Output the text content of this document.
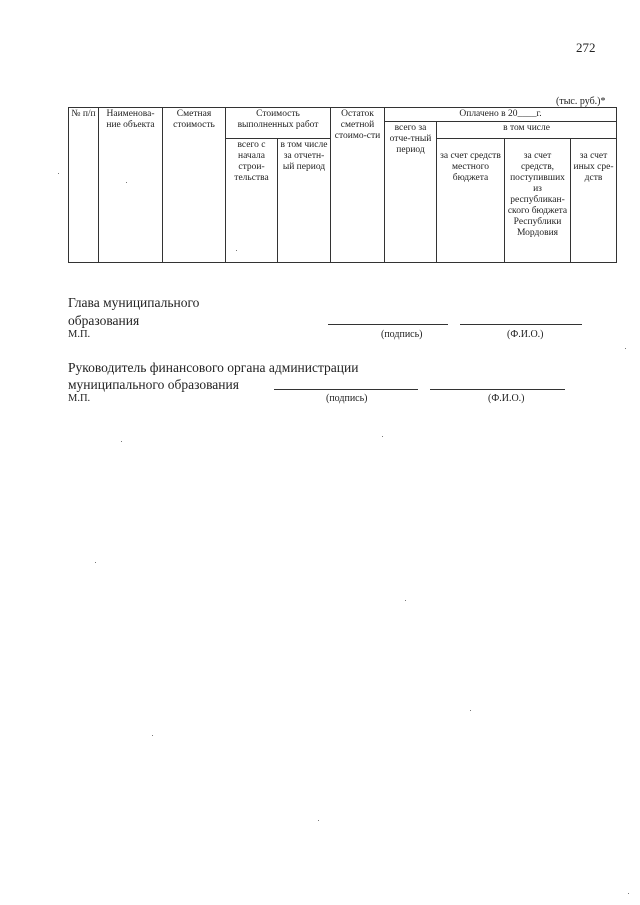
272
(тыс. руб.)*
№ п/п	Наименова-ние объекта	Сметная стоимость	Стоимость выполненных работ		Остаток сметной стоимо-сти	Оплачено в 20____г.			
						всего за отче-тный период	в том числе		
			всего с начала строи-тельства	в том числе за отчетн-ый период			за счет средств местного бюджета	за счет средств, поступивших из республикан-ского бюджета Республики Мордовия	за счет иных сре-дств
Глава муниципального
образования
М.П.	(подпись)	(Ф.И.О.)
Руководитель финансового органа администрации
муниципального образования
М.П.	(подпись)	(Ф.И.О.)
